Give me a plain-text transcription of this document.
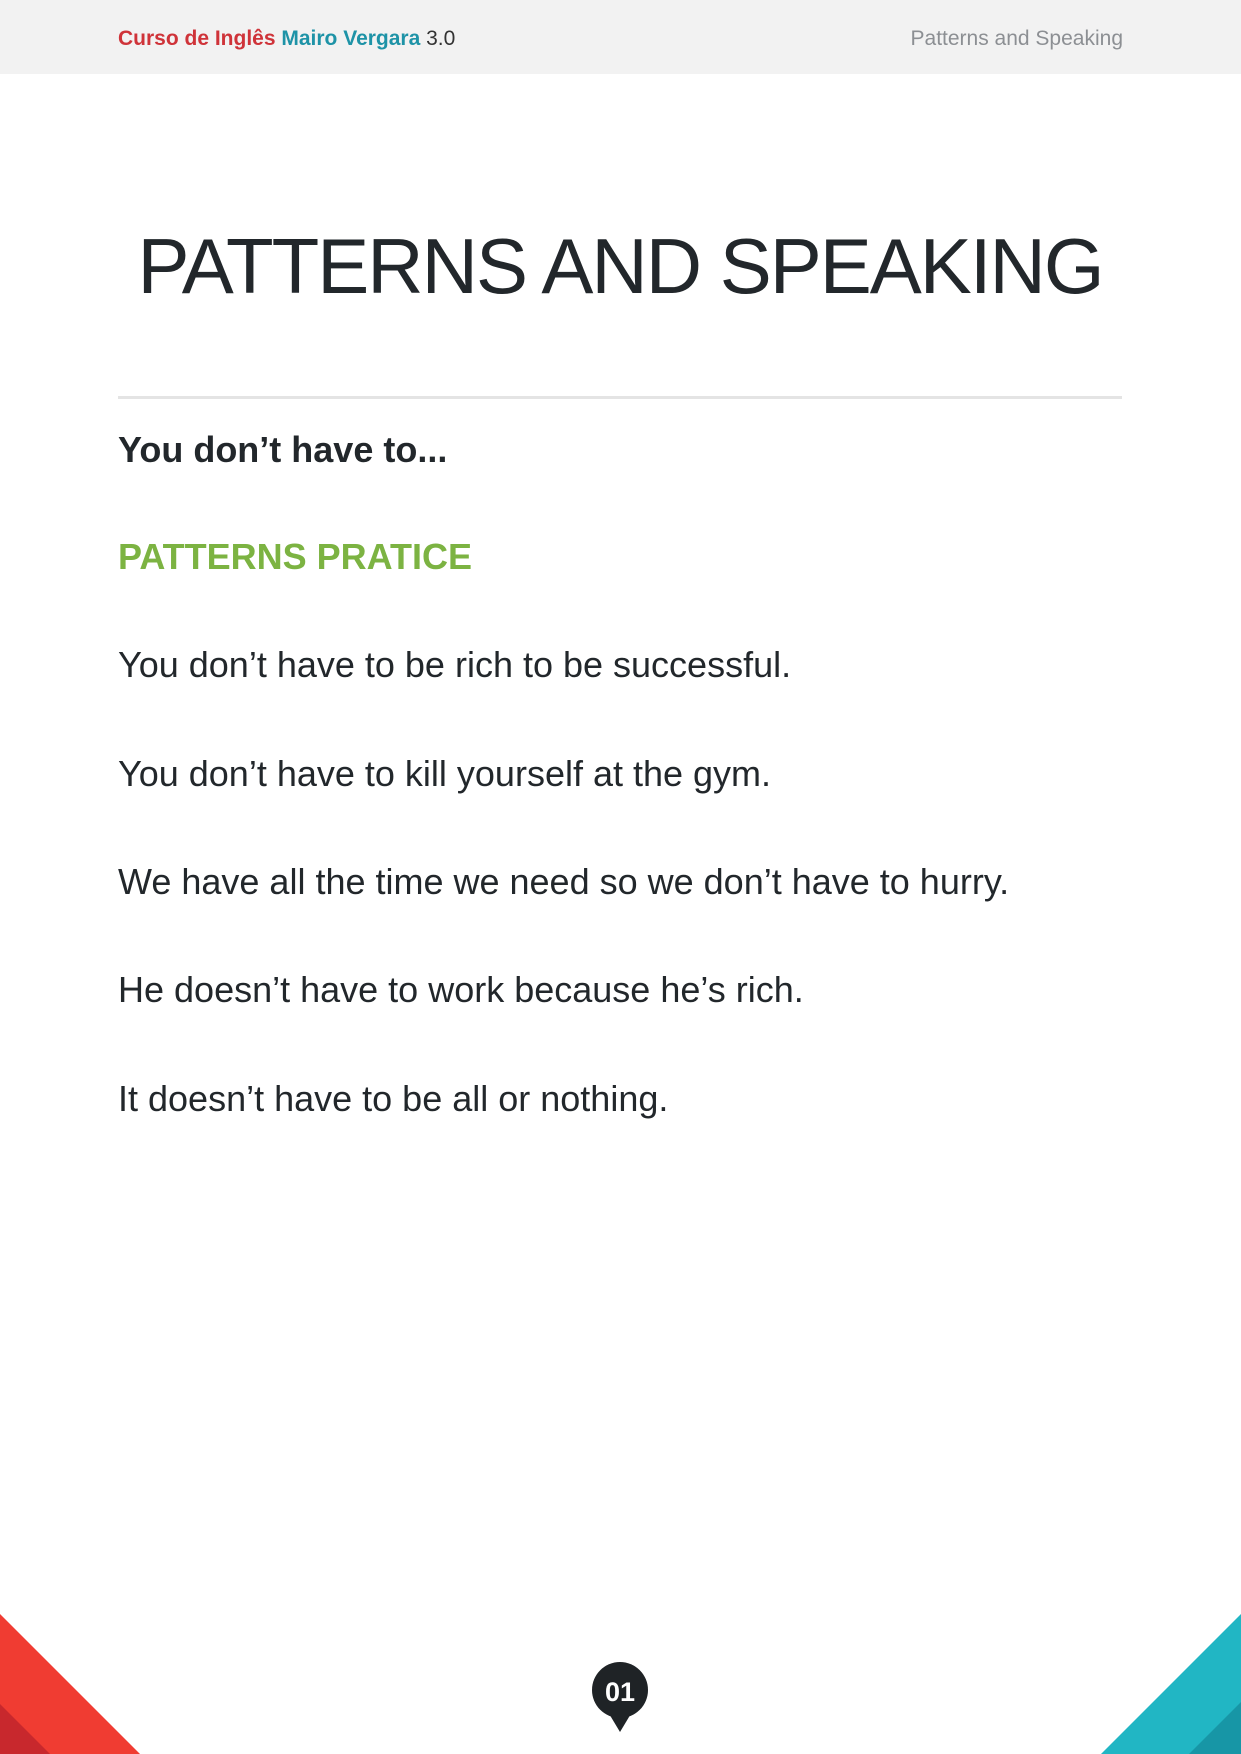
Curso de Inglês Mairo Vergara 3.0	Patterns and Speaking
PATTERNS AND SPEAKING
You don’t have to...
PATTERNS PRATICE
You don’t have to be rich to be successful.
You don’t have to kill yourself at the gym.
We have all the time we need so we don’t have to hurry.
He doesn’t have to work because he’s rich.
It doesn’t have to be all or nothing.
01
